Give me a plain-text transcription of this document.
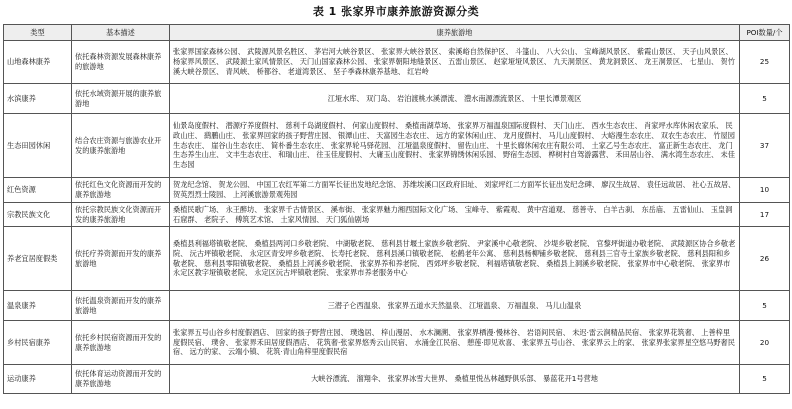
表 1 张家界市康养旅游资源分类
类型	基本描述	康养旅游地	POI数量/个
山地森林康养	依托森林资源发展森林康养的旅游地	张家界国家森林公园、 武陵源风景名胜区、 茅岩河大峡谷景区、 张家界大峡谷景区、 索溪峪自然保护区、 斗篷山、 八大公山、 宝峰湖风景区、 紫霞山景区、 天子山风景区、 杨家界风景区、 武陵源土家风情景区、 天门山国家森林公园、 张家界朝阳地缝景区、 五雷山景区、 赵家垭垭风景区、 九天洞景区、 黄龙洞景区、 龙王洞景区、 七星山、 贺竹溪大峡谷景区、 青风峡、 桥都谷、 老道湾景区、 坚子季森林康养基地、 红岩岭	25
水滨康养	依托水域资源开展的康养旅游地	江垭水库、 双门岛、 岩泊渡桃水溪漂流、 澧水南源漂流景区、 十里长潭景观区	5
生态田园休闲	结合农庄资源与旅游农业开发的康养旅游地	仙景岛度假村、 潜源疗养度假村、 慈利千岛湖度假村、 何家山度假村、 桑植南湖草场、 张家界万福温泉国际度假村、 天门山庄、 西水生态农庄、 肖家坪水库休闲农家乐、 民政山庄、 鹞鹏山庄、 张家界回家的孩子野营庄园、 银潭山庄、 天富园生态农庄、 远方的家休闲山庄、 龙月度假村、 马儿山度假村、 大峪漫生态农庄、 双农生态农庄、 竹屋园生态农庄、 崖谷山生态农庄、 简朴番生态农庄、 张家界轮马驿花园、 江垭温泉度假村、 留佐山庄、 十里长廊休闲农庄有限公司、 土家乙号生态农庄、 富正新生态农庄、 龙门生态养生山庄、 文丰生态农庄、 和瑞山庄、 往玉佳度假村、 大庸玉山度假村、 张家界锦绣休闲乐园、 野宿生态园、 桦树村自驾游露营、 禾田居山谷、 满水湾生态农庄、 未佳生态园	37
红色资源	依托红色文化资源而开发的康养旅游地	贺龙纪念馆、 贺龙公园、 中国工农红军第二方面军长征出发地纪念馆、 苏维埃溪口区政府旧址、 刘家坪红二方面军长征出发纪念碑、 廖汉生故居、 袁任远故居、 社心五故居、 贺英烈烈士陵园、 上河溪旅游景观苑园	10
宗教民族文化	依托宗教民族文化资源而开发的康养旅游地	桑植民歌广场、 永王醉坊、 张家界千古情景区、 溪布街、 张家界魅力湘西国际文化广场、 宝峰寺、 紫霞观、 黄中宫道观、 慈善寺、 白羊古刹、 东岳庙、 五雷仙山、 玉皇洞石窟群、 老院子、 傅筑艺术馆、 土家风情园、 天门狐仙剧场	17
养老宜居度假类	依托疗养资源而开发的康养旅游地	桑植县利福塔镇敬老院、 桑植县两河口乡敬老院、 中湖敬老院、 慈利县甘堰土家族乡敬老院、 尹家溪中心敬老院、 沙堤乡敬老院、 官黎坪街道办敬老院、 武陵源区协合乡敬老院、 沅古坪镇敬老院、 永定区青安坪乡敬老院、 长寿托老院、 慈利县溪口镇敬老院、 松鹤老年公寓、 慈利县杨柳铺乡敬老院、 慈利县三官寺土家族乡敬老院、 慈利县阳和乡敬老院、 慈利县零阳镇敬老院、 桑植县上河溪乡敬老院、 张家界养和养老院、 西郊坪乡敬老院、 利福塔镇敬老院、 桑植县上洞溪乡敬老院、 张家界市中心敬老院、 张家界市永定区教字垭镇敬老院、 永定区沅古坪镇敬老院、 张家界市养老服务中心	26
温泉康养	依托温泉资源而开发的康养旅游地	三潜子仑西温泉、 张家界五道水天然温泉、 江垭温泉、 万福温泉、 马儿山温泉	5
乡村民宿康养	依托乡村民宿资源而开发的康养旅游地	张家界五号山谷乡村度假酒店、 回家的孩子野营庄园、 璞逸居、 梓山漫居、 水木澜溯、 张家界栖漫·慢林谷、 岩语间民宿、 未迟·雷云涧精品民宿、 张家界花筑奢、 上善梓里度假民宿、 璞舍、 张家界禾田居度假酒店、 花筑奢·张家界悠秀云山民宿、 水涌金江民宿、 憩莲·即见欢喜、 张家界五号山谷、 张家界云上的家、 张家界张家界星空悠马野奢民宿、 远方的家、 云端小镇、 花筑·青山角梓里度假民宿	20
运动康养	依托体育运动资源而开发的康养旅游地	大峡谷漂流、 溜翔伞、 张家界冰雪大世界、 桑植里悦丛林越野俱乐部、 暴蓝花开1号营地	5
